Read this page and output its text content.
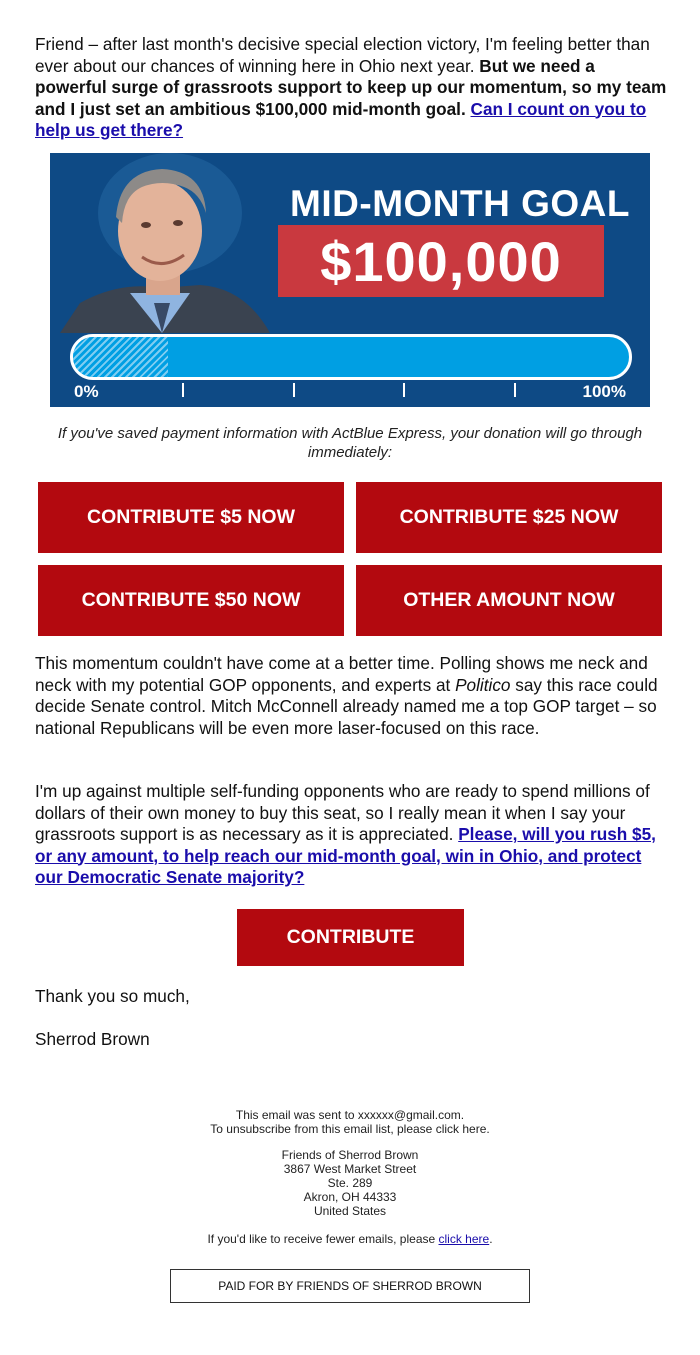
Friend – after last month's decisive special election victory, I'm feeling better than ever about our chances of winning here in Ohio next year. But we need a powerful surge of grassroots support to keep up our momentum, so my team and I just set an ambitious $100,000 mid-month goal. Can I count on you to help us get there?

MID-MONTH GOAL
$100,000
0%	100%

If you've saved payment information with ActBlue Express, your donation will go through immediately:

CONTRIBUTE $5 NOW	CONTRIBUTE $25 NOW
CONTRIBUTE $50 NOW	OTHER AMOUNT NOW

This momentum couldn't have come at a better time. Polling shows me neck and neck with my potential GOP opponents, and experts at Politico say this race could decide Senate control. Mitch McConnell already named me a top GOP target – so national Republicans will be even more laser-focused on this race.

I'm up against multiple self-funding opponents who are ready to spend millions of dollars of their own money to buy this seat, so I really mean it when I say your grassroots support is as necessary as it is appreciated. Please, will you rush $5, or any amount, to help reach our mid-month goal, win in Ohio, and protect our Democratic Senate majority?

CONTRIBUTE

Thank you so much,

Sherrod Brown

This email was sent to xxxxxx@gmail.com.
To unsubscribe from this email list, please click here.
Friends of Sherrod Brown
3867 West Market Street
Ste. 289
Akron, OH 44333
United States
If you'd like to receive fewer emails, please click here.
PAID FOR BY FRIENDS OF SHERROD BROWN
